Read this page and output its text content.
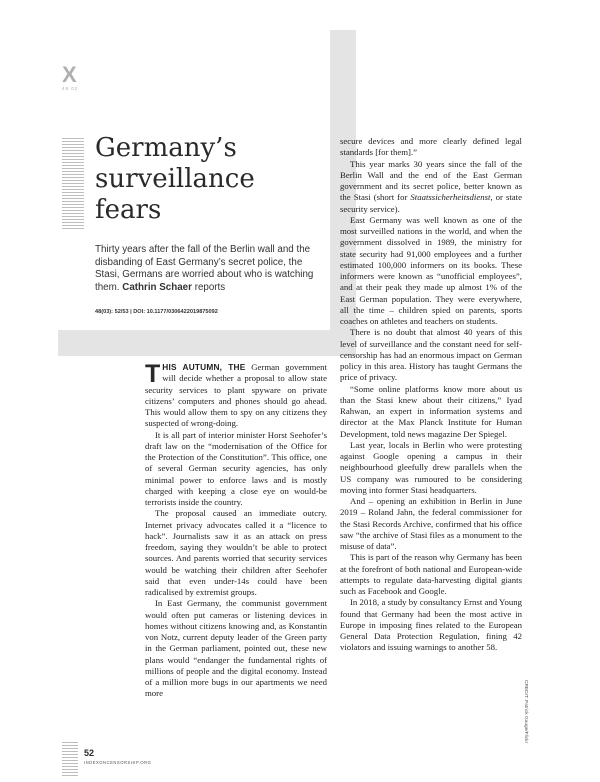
X
49 02
Germany’s
surveillance
fears

Thirty years after the fall of the Berlin wall and the disbanding of East Germany’s secret police, the Stasi, Germans are worried about who is watching them. Cathrin Schaer reports

48(03): 52/53 | DOI: 10.1177/0306422019875092

THIS AUTUMN, THE German government will decide whether a proposal to allow state security services to plant spyware on private citizens’ computers and phones should go ahead. This would allow them to spy on any citizens they suspected of wrong-doing.

It is all part of interior minister Horst Seehofer’s draft law on the “modernisation of the Office for the Protection of the Constitution”. This office, one of several German security agencies, has only minimal power to enforce laws and is mostly charged with keeping a close eye on would-be terrorists inside the country.

The proposal caused an immediate outcry. Internet privacy advocates called it a “licence to hack”. Journalists saw it as an attack on press freedom, saying they wouldn’t be able to protect sources. And parents worried that security services would be watching their children after Seehofer said that even under-14s could have been radicalised by extremist groups.

In East Germany, the communist government would often put cameras or listening devices in homes without citizens knowing and, as Konstantin von Notz, current deputy leader of the Green party in the German parliament, pointed out, these new plans would “endanger the fundamental rights of millions of people and the digital economy. Instead of a million more bugs in our apartments we need more

secure devices and more clearly defined legal standards [for them].”

This year marks 30 years since the fall of the Berlin Wall and the end of the East German government and its secret police, better known as the Stasi (short for Staatssicherheitsdienst, or state security service).

East Germany was well known as one of the most surveilled nations in the world, and when the government dissolved in 1989, the ministry for state security had 91,000 employees and a further estimated 100,000 informers on its books. These informers were known as “unofficial employees”, and at their peak they made up almost 1% of the East German population. They were everywhere, all the time – children spied on parents, sports coaches on athletes and teachers on students.

There is no doubt that almost 40 years of this level of surveillance and the constant need for self-censorship has had an enormous impact on German policy in this area. History has taught Germans the price of privacy.

“Some online platforms know more about us than the Stasi knew about their citizens,” Iyad Rahwan, an expert in information systems and director at the Max Planck Institute for Human Development, told news magazine Der Spiegel.

Last year, locals in Berlin who were protesting against Google opening a campus in their neighbourhood gleefully drew parallels when the US company was rumoured to be considering moving into former Stasi headquarters.

And – opening an exhibition in Berlin in June 2019 – Roland Jahn, the federal commissioner for the Stasi Records Archive, confirmed that his office saw “the archive of Stasi files as a monument to the misuse of data”.

This is part of the reason why Germany has been at the forefront of both national and European-wide attempts to regulate data-harvesting digital giants such as Facebook and Google.

In 2018, a study by consultancy Ernst and Young found that Germany had been the most active in Europe in imposing fines related to the European General Data Protection Regulation, fining 42 violators and issuing warnings to another 58.

CREDIT: Patrick Gauge/Flickr
52
INDEXONCENSORSHIP.ORG
